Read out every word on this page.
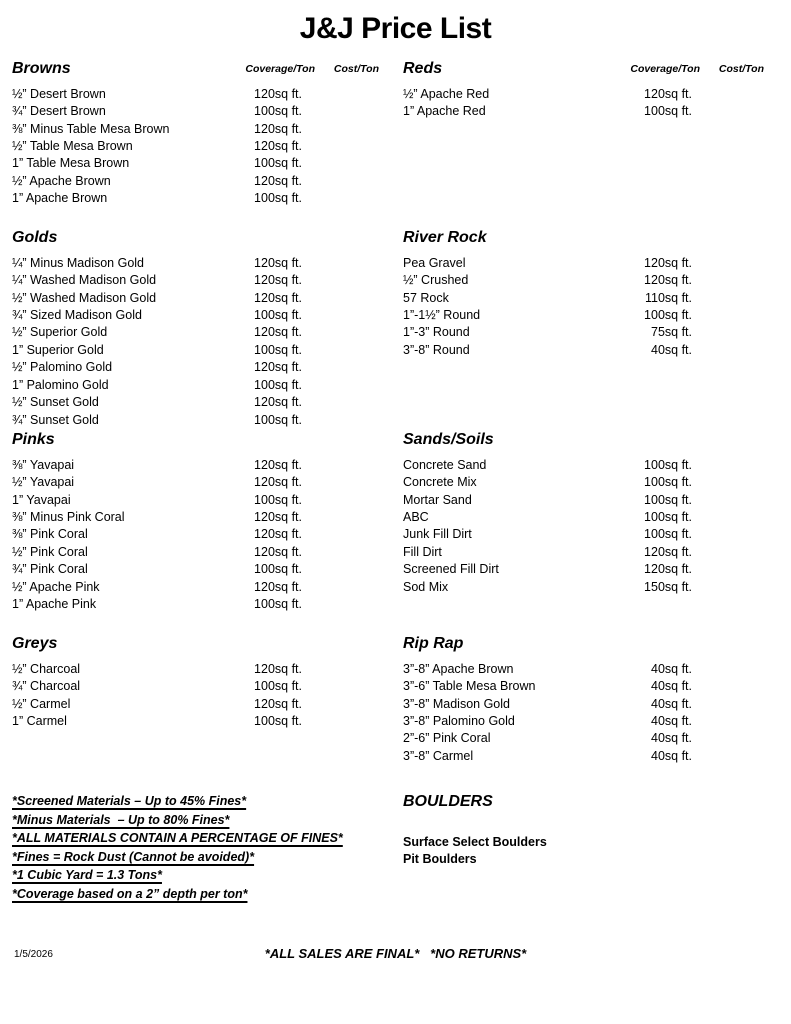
J&J Price List
Browns	Coverage/Ton Cost/Ton
½” Desert Brown	120sq ft.
¾” Desert Brown	100sq ft.
⅜” Minus Table Mesa Brown	120sq ft.
½” Table Mesa Brown	120sq ft.
1” Table Mesa Brown	100sq ft.
½” Apache Brown	120sq ft.
1” Apache Brown	100sq ft.
Golds
¼” Minus Madison Gold	120sq ft.
¼” Washed Madison Gold	120sq ft.
½” Washed Madison Gold	120sq ft.
¾” Sized Madison Gold	100sq ft.
½” Superior Gold	120sq ft.
1” Superior Gold	100sq ft.
½” Palomino Gold	120sq ft.
1” Palomino Gold	100sq ft.
½” Sunset Gold	120sq ft.
¾” Sunset Gold	100sq ft.
Pinks
⅜” Yavapai	120sq ft.
½” Yavapai	120sq ft.
1” Yavapai	100sq ft.
⅜” Minus Pink Coral	120sq ft.
⅜” Pink Coral	120sq ft.
½” Pink Coral	120sq ft.
¾” Pink Coral	100sq ft.
½” Apache Pink	120sq ft.
1” Apache Pink	100sq ft.
Greys
½” Charcoal	120sq ft.
¾” Charcoal	100sq ft.
½” Carmel	120sq ft.
1” Carmel	100sq ft.
*Screened Materials – Up to 45% Fines*
*Minus Materials  – Up to 80% Fines*
*ALL MATERIALS CONTAIN A PERCENTAGE OF FINES*
*Fines = Rock Dust (Cannot be avoided)*
*1 Cubic Yard = 1.3 Tons*
*Coverage based on a 2” depth per ton*
Reds	Coverage/Ton Cost/Ton
½” Apache Red	120sq ft.
1” Apache Red	100sq ft.
River Rock
Pea Gravel	120sq ft.
½” Crushed	120sq ft.
57 Rock	110sq ft.
1”-1½” Round	100sq ft.
1”-3” Round	75sq ft.
3”-8” Round	40sq ft.
Sands/Soils
Concrete Sand	100sq ft.
Concrete Mix	100sq ft.
Mortar Sand	100sq ft.
ABC	100sq ft.
Junk Fill Dirt	100sq ft.
Fill Dirt	120sq ft.
Screened Fill Dirt	120sq ft.
Sod Mix	150sq ft.
Rip Rap
3”-8” Apache Brown	40sq ft.
3”-6” Table Mesa Brown	40sq ft.
3”-8” Madison Gold	40sq ft.
3”-8” Palomino Gold	40sq ft.
2”-6” Pink Coral	40sq ft.
3”-8” Carmel	40sq ft.
BOULDERS
Surface Select Boulders
Pit Boulders
1/5/2026	*ALL SALES ARE FINAL*   *NO RETURNS*
